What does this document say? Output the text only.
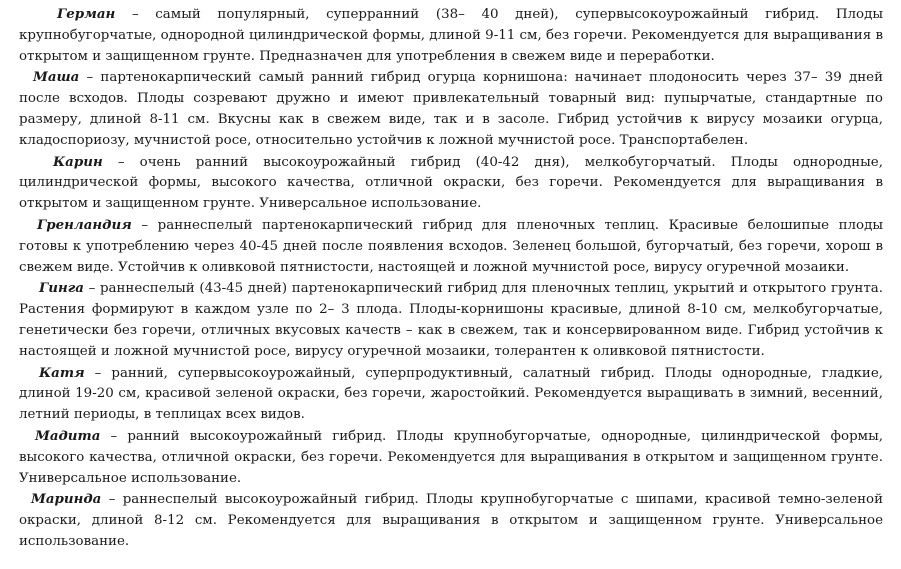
Герман – самый популярный, суперранний (38– 40 дней), супервысокоурожайный гибрид. Плоды крупнобугорчатые, однородной цилиндрической формы, длиной 9-11 см, без горечи. Рекомендуется для выращивания в открытом и защищенном грунте. Предназначен для употребления в свежем виде и переработки.

Маша – партенокарпический самый ранний гибрид огурца корнишона: начинает плодоносить через 37– 39 дней после всходов. Плоды созревают дружно и имеют привлекательный товарный вид: пупырчатые, стандартные по размеру, длиной 8-11 см. Вкусны как в свежем виде, так и в засоле. Гибрид устойчив к вирусу мозаики огурца, кладоспориозу, мучнистой росе, относительно устойчив к ложной мучнистой росе. Транспортабелен.

Карин – очень ранний высокоурожайный гибрид (40-42 дня), мелкобугорчатый. Плоды однородные, цилиндрической формы, высокого качества, отличной окраски, без горечи. Рекомендуется для выращивания в открытом и защищенном грунте. Универсальное использование.

Гренландия – раннеспелый партенокарпический гибрид для пленочных теплиц. Красивые белошипые плоды готовы к употреблению через 40-45 дней после появления всходов. Зеленец большой, бугорчатый, без горечи, хорош в свежем виде. Устойчив к оливковой пятнистости, настоящей и ложной мучнистой росе, вирусу огуречной мозаики.

Гинга – раннеспелый (43-45 дней) партенокарпический гибрид для пленочных теплиц, укрытий и открытого грунта. Растения формируют в каждом узле по 2– 3 плода. Плоды-корнишоны красивые, длиной 8-10 см, мелкобугорчатые, генетически без горечи, отличных вкусовых качеств – как в свежем, так и консервированном виде. Гибрид устойчив к настоящей и ложной мучнистой росе, вирусу огуречной мозаики, толерантен к оливковой пятнистости.

Катя – ранний, супервысокоурожайный, суперпродуктивный, салатный гибрид. Плоды однородные, гладкие, длиной 19-20 см, красивой зеленой окраски, без горечи, жаростойкий. Рекомендуется выращивать в зимний, весенний, летний периоды, в теплицах всех видов.

Мадита – ранний высокоурожайный гибрид. Плоды крупнобугорчатые, однородные, цилиндрической формы, высокого качества, отличной окраски, без горечи. Рекомендуется для выращивания в открытом и защищенном грунте. Универсальное использование.

Маринда – раннеспелый высокоурожайный гибрид. Плоды крупнобугорчатые с шипами, красивой темно-зеленой окраски, длиной 8-12 см. Рекомендуется для выращивания в открытом и защищенном грунте. Универсальное использование.
